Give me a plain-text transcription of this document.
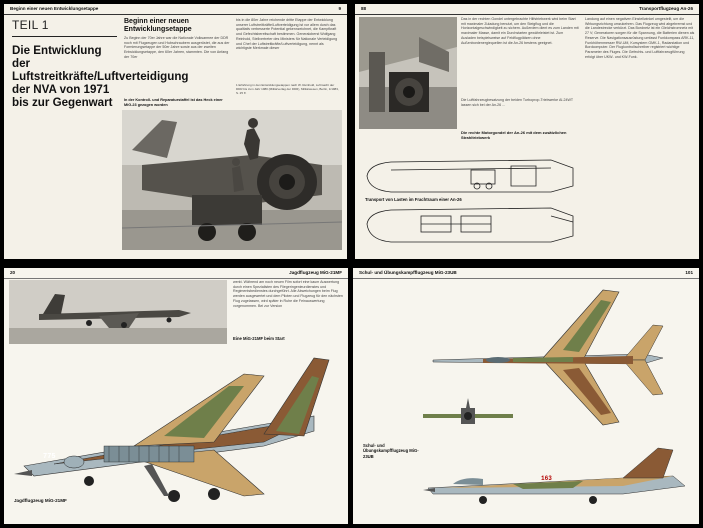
Beginn einer neuen Entwicklungsetappe	9
TEIL 1
Die Entwicklung der Luftstreitkräfte/Luftverteidigung der NVA von 1971 bis zur Gegenwart
Beginn einer neuen Entwicklungsetappe
Zu Beginn der 70er Jahre war die Nationale Volksarmee der DDR noch mit Flugzeugen und Hubschraubern ausgerüstet, die aus der Formierungsetappe der 50er Jahre sowie aus der zweiten Entwicklungsetappe, den 60er Jahren, stammten. Die von Anfang der 70er
bis in die 80er Jahre reichende dritte Etappe der Entwicklung unserer Luftstreitkräfte/Luftverteidigung ist vor allem durch das qualitativ verbesserte Potential gekennzeichnet, die Kampfkraft und Gefechtsbereitschaft bestimmen. Generaloberst Wolfgang Reinhold, Stellvertreter des Ministers für Nationale Verteidigung und Chef der Luftstreitkräfte/Luftverteidigung, nennt als wichtigste Merkmale dieser
In der Kontroll- und Reparaturstaffel ist das Heck einer MiG-23 gezogen worden
1 Erfahrung in den Entwicklungsetappen nach W. Reinhold, Luftmacht der DDR bis zum Jahr 1980 (Militärverlag der DDR), Militärwesen, Berlin, 1/1983, S. 25 ff.
88	Transportflugzeug An-26
Das in der rechten Gondel untergebrachte Hilfstriebwerk wird beim Start mit maximaler Zuladung benutzt, um den Steigflug und die Horizontalgeschwindigkeit zu sichern. Außerdem dient es zum Landen mit maximaler Masse, damit ein Durchstarten gewährleistet ist. Zum Ausladen beispielsweise auf Feldflugplätzen ohne Außenbordenergiequellen ist die An-26 bestens geeignet.
Die Luftfahrzeugbesatzung der beiden Turboprop-Triebwerke AI-24WT lassen sich bei der An-26 ...
Die rechte Motorgondel der An-26 mit dem zusätzlichen Strahltriebwerk
Landung auf einen negativen Einstellwinkel umgestellt, um die Wirkungsrichtung umzukehren. Das Flugzeug wird abgebremst und die Landestrecke verkürzt. Das Bordnetz ist ein Gleichstromnetz mit 27 V; Generatoren sorgen für die Spannung, die Batterien dienen als Reserve. Die Navigationsausrüstung umfasst Funkkompass ARK-11, Funkhöhenmesser RW-UM, Kursystem GMK-1, Radarstation und Bordcomputer. Der Flugkontrollschreiber registriert wichtige Parameter des Fluges. Die Gefechts- und Luftfahrzeugführung erfolgt über UKW- und KW-Funk.
Transport von Lasten im Frachtraum einer An-26
20	Jagdflugzeug MiG-21MF
werkt. Während am noch neuen Film sofort eine kaum Auswertung durch einen Spezialisten des Fliegeringenieurdienstes und Regimentsbedienstes durchgeführt. Alle Abweichungen beim Flug werden ausgewertet und dem Piloten und Flugzeug für den nächsten Flug zugelassen, wird später in Ruhe die Feinauswertung vorgenommen. Bei zur Version
Eine MiG-21MF beim Start
775
Jagdflugzeug MiG-21MF
Schul- und Übungskampfflugzeug MiG-23UB	101
163
Schul- und Übungskampfflugzeug MiG-23UB
